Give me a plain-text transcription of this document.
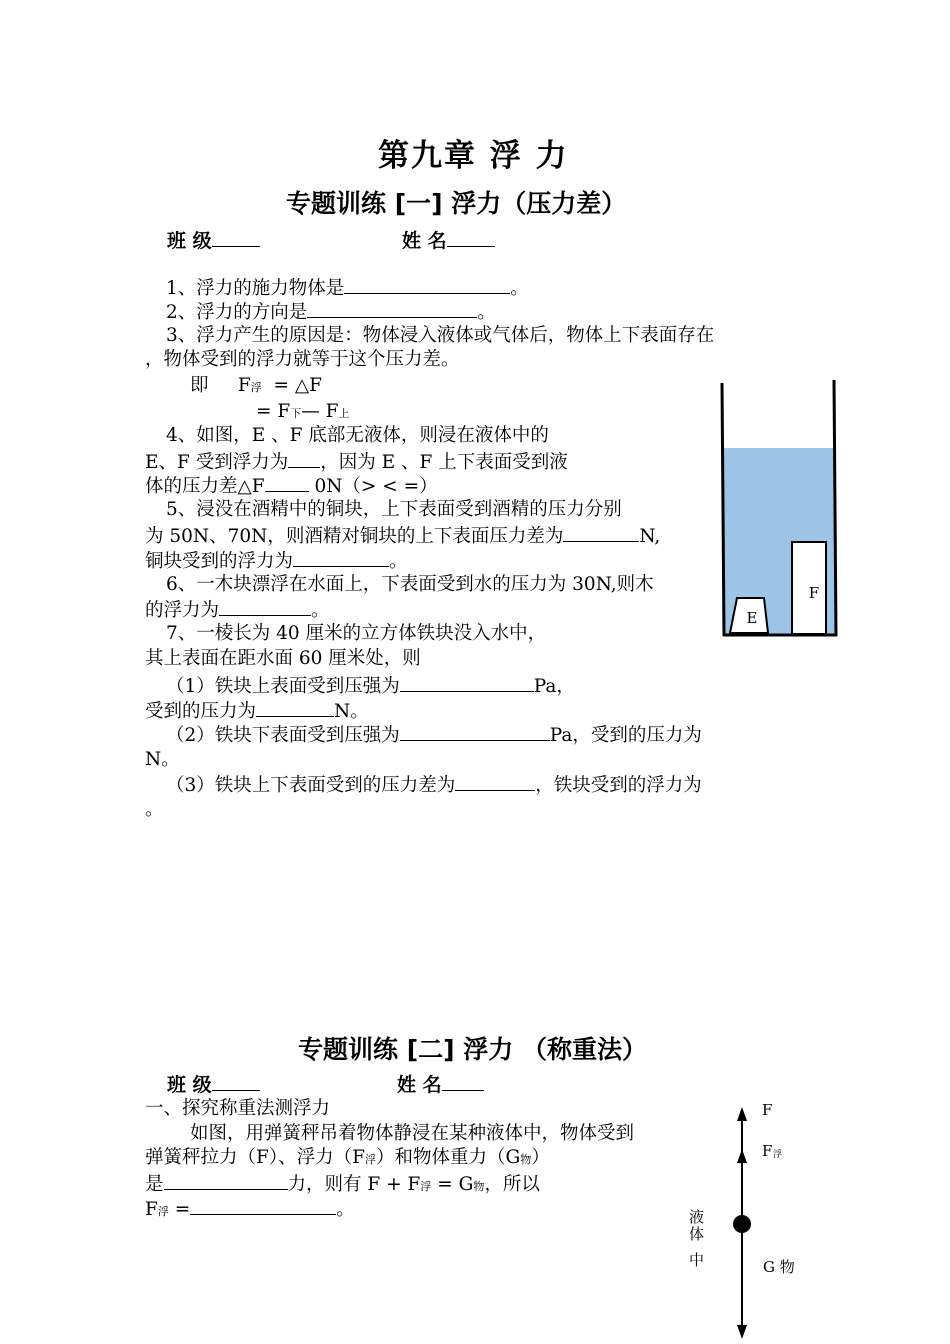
第九章 浮 力
专题训练 [一] 浮力（压力差）
班 级	姓 名
1、浮力的施力物体是	。
2、浮力的方向是	。
3、浮力产生的原因是：物体浸入液体或气体后，物体上下表面存在
，物体受到的浮力就等于这个压力差。
即 F浮 = △F
= F下— F上
4、如图，E 、F 底部无液体，则浸在液体中的
E、F 受到浮力为 ，因为 E 、F 上下表面受到液
体的压力差△F 0N（> < =）
5、浸没在酒精中的铜块，上下表面受到酒精的压力分别
为 50N、70N，则酒精对铜块的上下表面压力差为	N,
铜块受到的浮力为	。
6、一木块漂浮在水面上，下表面受到水的压力为 30N,则木
的浮力为	。
7、一棱长为 40 厘米的立方体铁块没入水中，
其上表面在距水面 60 厘米处，则
（1）铁块上表面受到压强为	Pa，
受到的压力为	N。
（2）铁块下表面受到压强为	Pa，受到的压力为
N。
（3）铁块上下表面受到的压力差为	，铁块受到的浮力为
。
E
F
专题训练 [二] 浮力 （称重法）
班 级	姓 名
一、探究称重法测浮力
如图，用弹簧秤吊着物体静浸在某种液体中，物体受到
弹簧秤拉力（F）、浮力（F浮）和物体重力（G物）
是	力，则有 F + F浮 = G物，所以
F浮 =	。
F
F 浮
液
体
中	G 物
